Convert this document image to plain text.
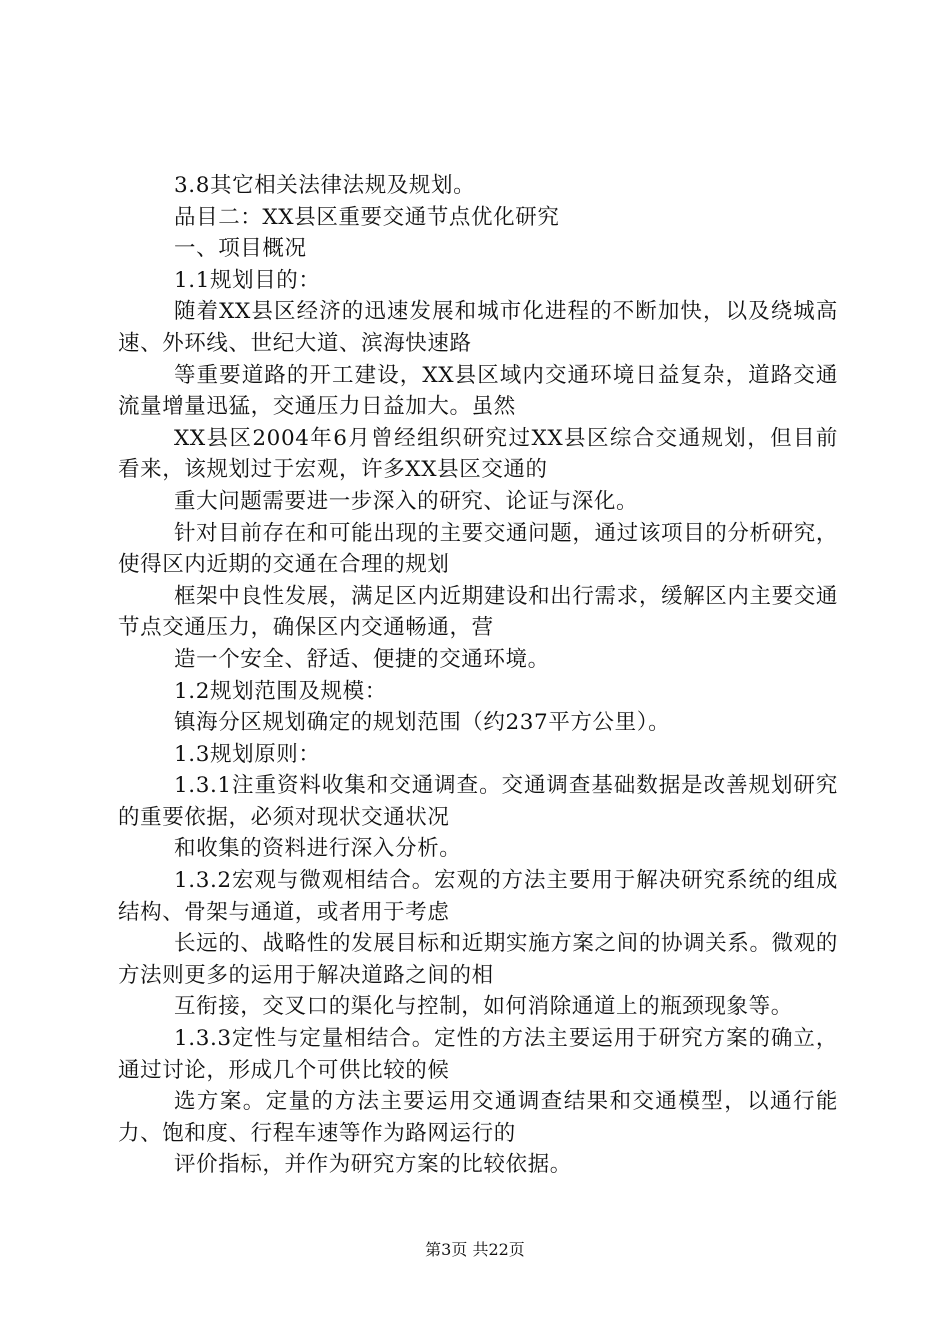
3.8其它相关法律法规及规划。

品目二：XX县区重要交通节点优化研究

一、项目概况

1.1规划目的：

随着XX县区经济的迅速发展和城市化进程的不断加快，以及绕城高速、外环线、世纪大道、滨海快速路

等重要道路的开工建设，XX县区域内交通环境日益复杂，道路交通流量增量迅猛，交通压力日益加大。虽然

XX县区2004年6月曾经组织研究过XX县区综合交通规划，但目前看来，该规划过于宏观，许多XX县区交通的

重大问题需要进一步深入的研究、论证与深化。

针对目前存在和可能出现的主要交通问题，通过该项目的分析研究，使得区内近期的交通在合理的规划

框架中良性发展，满足区内近期建设和出行需求，缓解区内主要交通节点交通压力，确保区内交通畅通，营

造一个安全、舒适、便捷的交通环境。

1.2规划范围及规模：

镇海分区规划确定的规划范围（约237平方公里）。

1.3规划原则：

1.3.1注重资料收集和交通调查。交通调查基础数据是改善规划研究的重要依据，必须对现状交通状况

和收集的资料进行深入分析。

1.3.2宏观与微观相结合。宏观的方法主要用于解决研究系统的组成结构、骨架与通道，或者用于考虑

长远的、战略性的发展目标和近期实施方案之间的协调关系。微观的方法则更多的运用于解决道路之间的相

互衔接，交叉口的渠化与控制，如何消除通道上的瓶颈现象等。

1.3.3定性与定量相结合。定性的方法主要运用于研究方案的确立，通过讨论，形成几个可供比较的候

选方案。定量的方法主要运用交通调查结果和交通模型，以通行能力、饱和度、行程车速等作为路网运行的

评价指标，并作为研究方案的比较依据。

第3页 共22页
